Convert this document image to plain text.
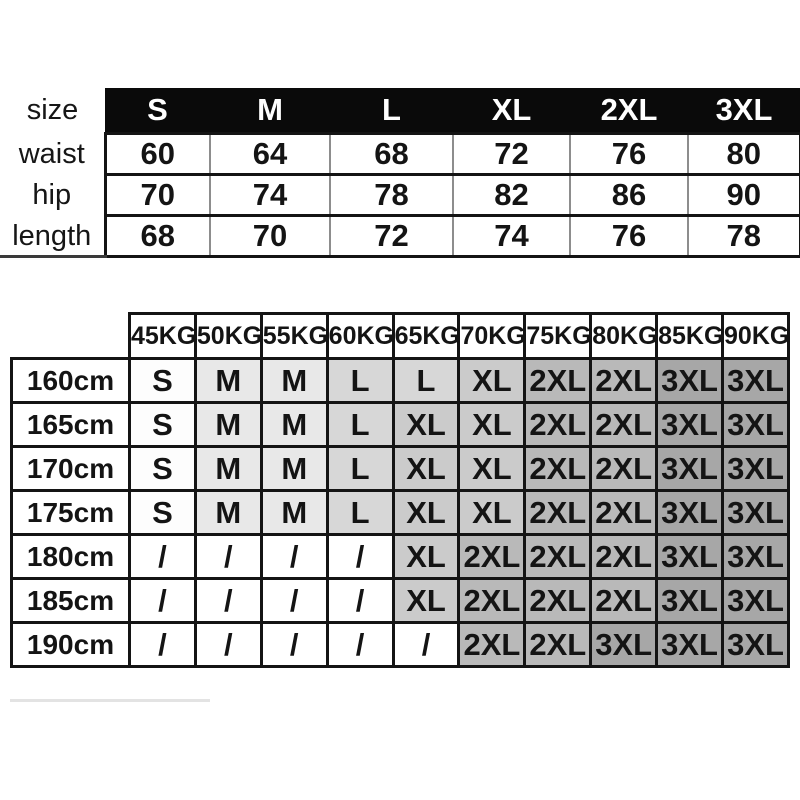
size	S	M	L	XL	2XL	3XL
waist	60	64	68	72	76	80
hip	70	74	78	82	86	90
length	68	70	72	74	76	78
	45KG	50KG	55KG	60KG	65KG	70KG	75KG	80KG	85KG	90KG
160cm	S	M	M	L	L	XL	2XL	2XL	3XL	3XL
165cm	S	M	M	L	XL	XL	2XL	2XL	3XL	3XL
170cm	S	M	M	L	XL	XL	2XL	2XL	3XL	3XL
175cm	S	M	M	L	XL	XL	2XL	2XL	3XL	3XL
180cm	/	/	/	/	XL	2XL	2XL	2XL	3XL	3XL
185cm	/	/	/	/	XL	2XL	2XL	2XL	3XL	3XL
190cm	/	/	/	/	/	2XL	2XL	3XL	3XL	3XL
